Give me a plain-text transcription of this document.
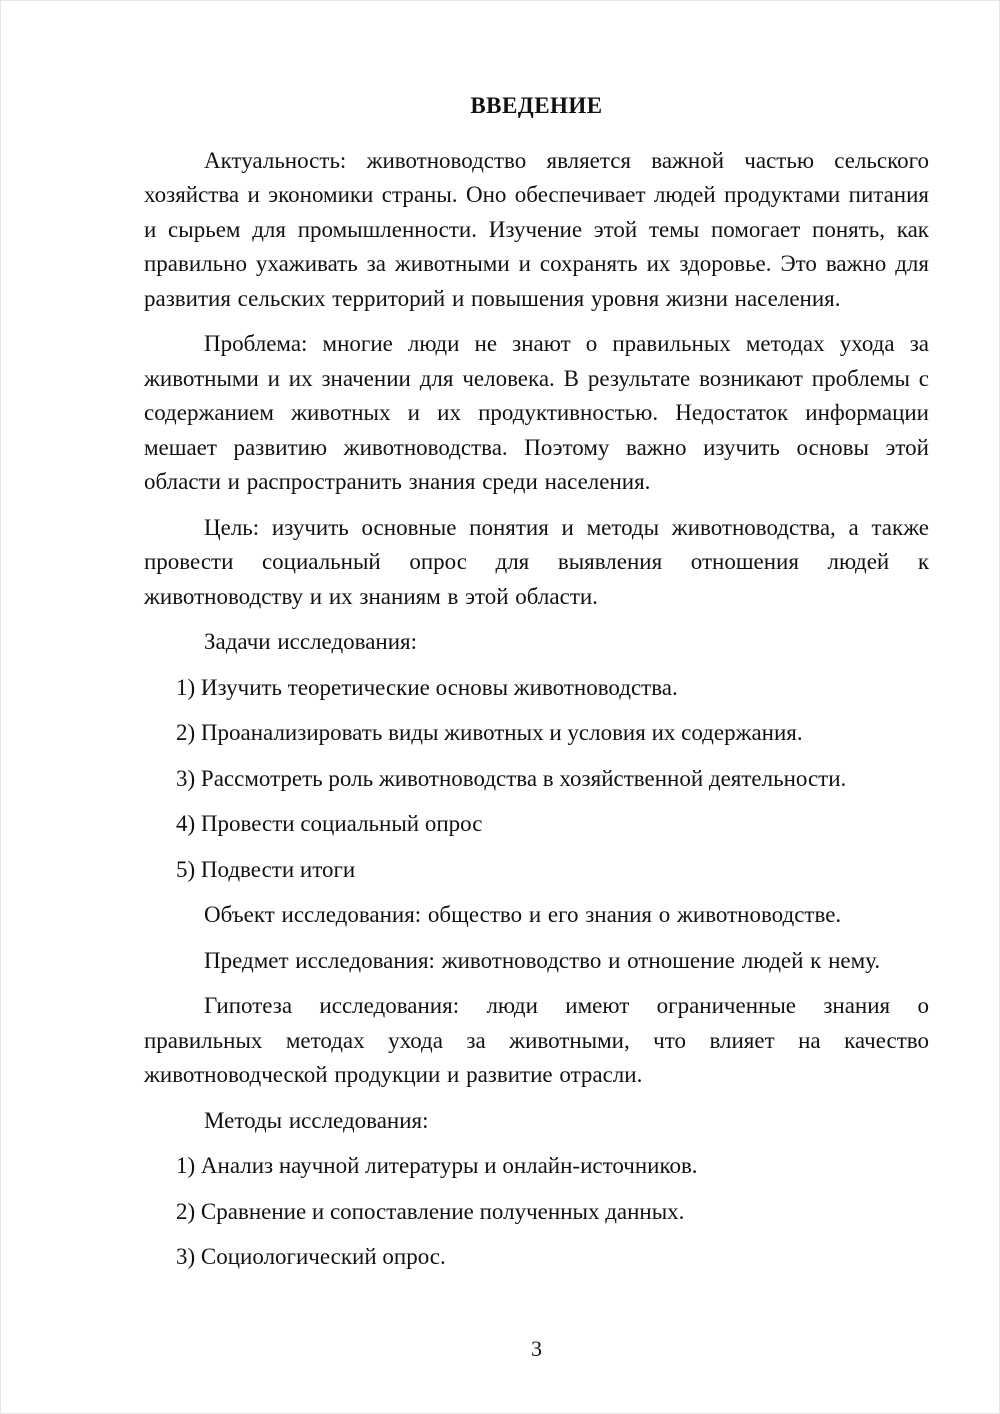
ВВЕДЕНИЕ

Актуальность: животноводство является важной частью сельского хозяйства и экономики страны. Оно обеспечивает людей продуктами питания и сырьем для промышленности. Изучение этой темы помогает понять, как правильно ухаживать за животными и сохранять их здоровье. Это важно для развития сельских территорий и повышения уровня жизни населения.

Проблема: многие люди не знают о правильных методах ухода за животными и их значении для человека. В результате возникают проблемы с содержанием животных и их продуктивностью. Недостаток информации мешает развитию животноводства. Поэтому важно изучить основы этой области и распространить знания среди населения.

Цель: изучить основные понятия и методы животноводства, а также провести социальный опрос для выявления отношения людей к животноводству и их знаниям в этой области.

Задачи исследования:

1) Изучить теоретические основы животноводства.

2) Проанализировать виды животных и условия их содержания.

3) Рассмотреть роль животноводства в хозяйственной деятельности.

4) Провести социальный опрос

5) Подвести итоги

Объект исследования: общество и его знания о животноводстве.

Предмет исследования: животноводство и отношение людей к нему.

Гипотеза исследования: люди имеют ограниченные знания о правильных методах ухода за животными, что влияет на качество животноводческой продукции и развитие отрасли.

Методы исследования:

1) Анализ научной литературы и онлайн-источников.

2) Сравнение и сопоставление полученных данных.

3) Социологический опрос.

3
